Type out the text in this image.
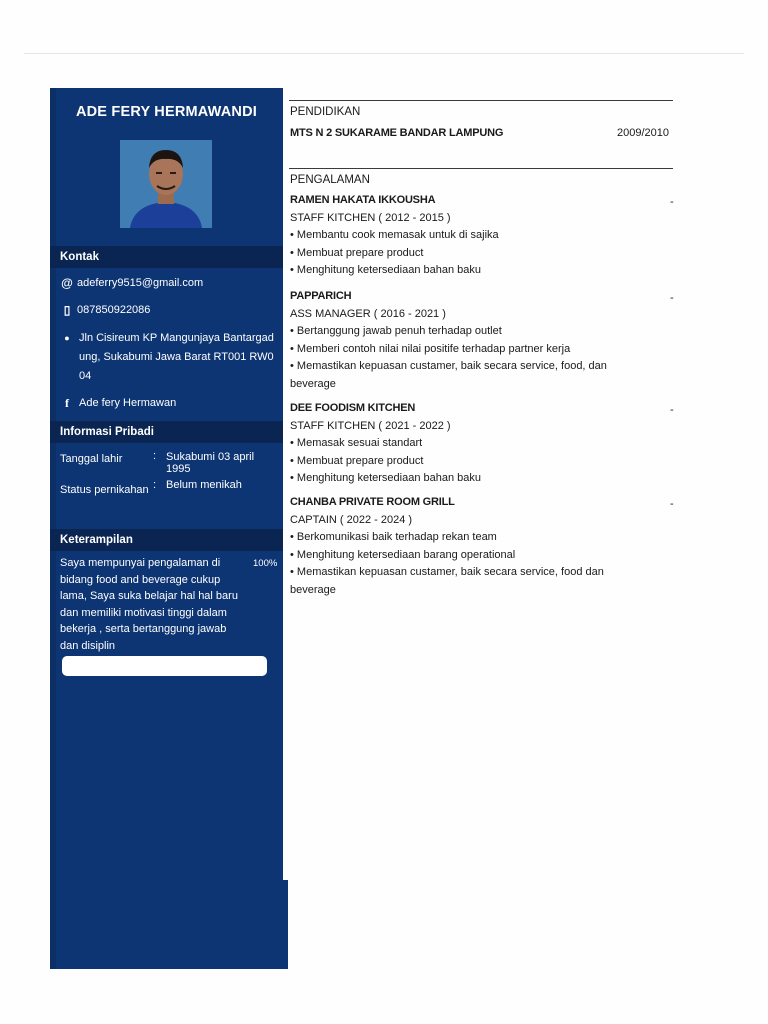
ADE FERY HERMAWANDI
Kontak
@ adeferry9515@gmail.com
▯ 087850922086
● Jln Cisireum KP Mangunjaya Bantargadung, Sukabumi Jawa Barat RT001 RW004
f Ade fery Hermawan
Informasi Pribadi
Tanggal lahir	: Sukabumi 03 april 1995
Status pernikahan : Belum menikah
Keterampilan
Saya mempunyai pengalaman di bidang food and beverage cukup lama, Saya suka belajar hal hal baru dan memiliki motivasi tinggi dalam bekerja , serta bertanggung jawab dan disiplin
100%
PENDIDIKAN
MTS N 2 SUKARAME BANDAR LAMPUNG	2009/2010
PENGALAMAN
RAMEN HAKATA IKKOUSHA
STAFF KITCHEN ( 2012 - 2015 )

• Membantu cook memasak untuk di sajika

• Membuat prepare product

• Menghitung ketersediaan bahan baku

-
PAPPARICH
ASS MANAGER ( 2016 - 2021 )

• Bertanggung jawab penuh terhadap outlet

• Memberi contoh nilai nilai positife terhadap partner kerja

• Memastikan kepuasan custamer, baik secara service, food, dan beverage

-
DEE FOODISM KITCHEN
STAFF KITCHEN ( 2021 - 2022 )

• Memasak sesuai standart

• Membuat prepare product

• Menghitung ketersediaan bahan baku

-
CHANBA PRIVATE ROOM GRILL
CAPTAIN ( 2022 - 2024 )

• Berkomunikasi baik terhadap rekan team

• Menghitung ketersediaan barang operational

• Memastikan kepuasan custamer, baik secara service, food dan beverage

-
